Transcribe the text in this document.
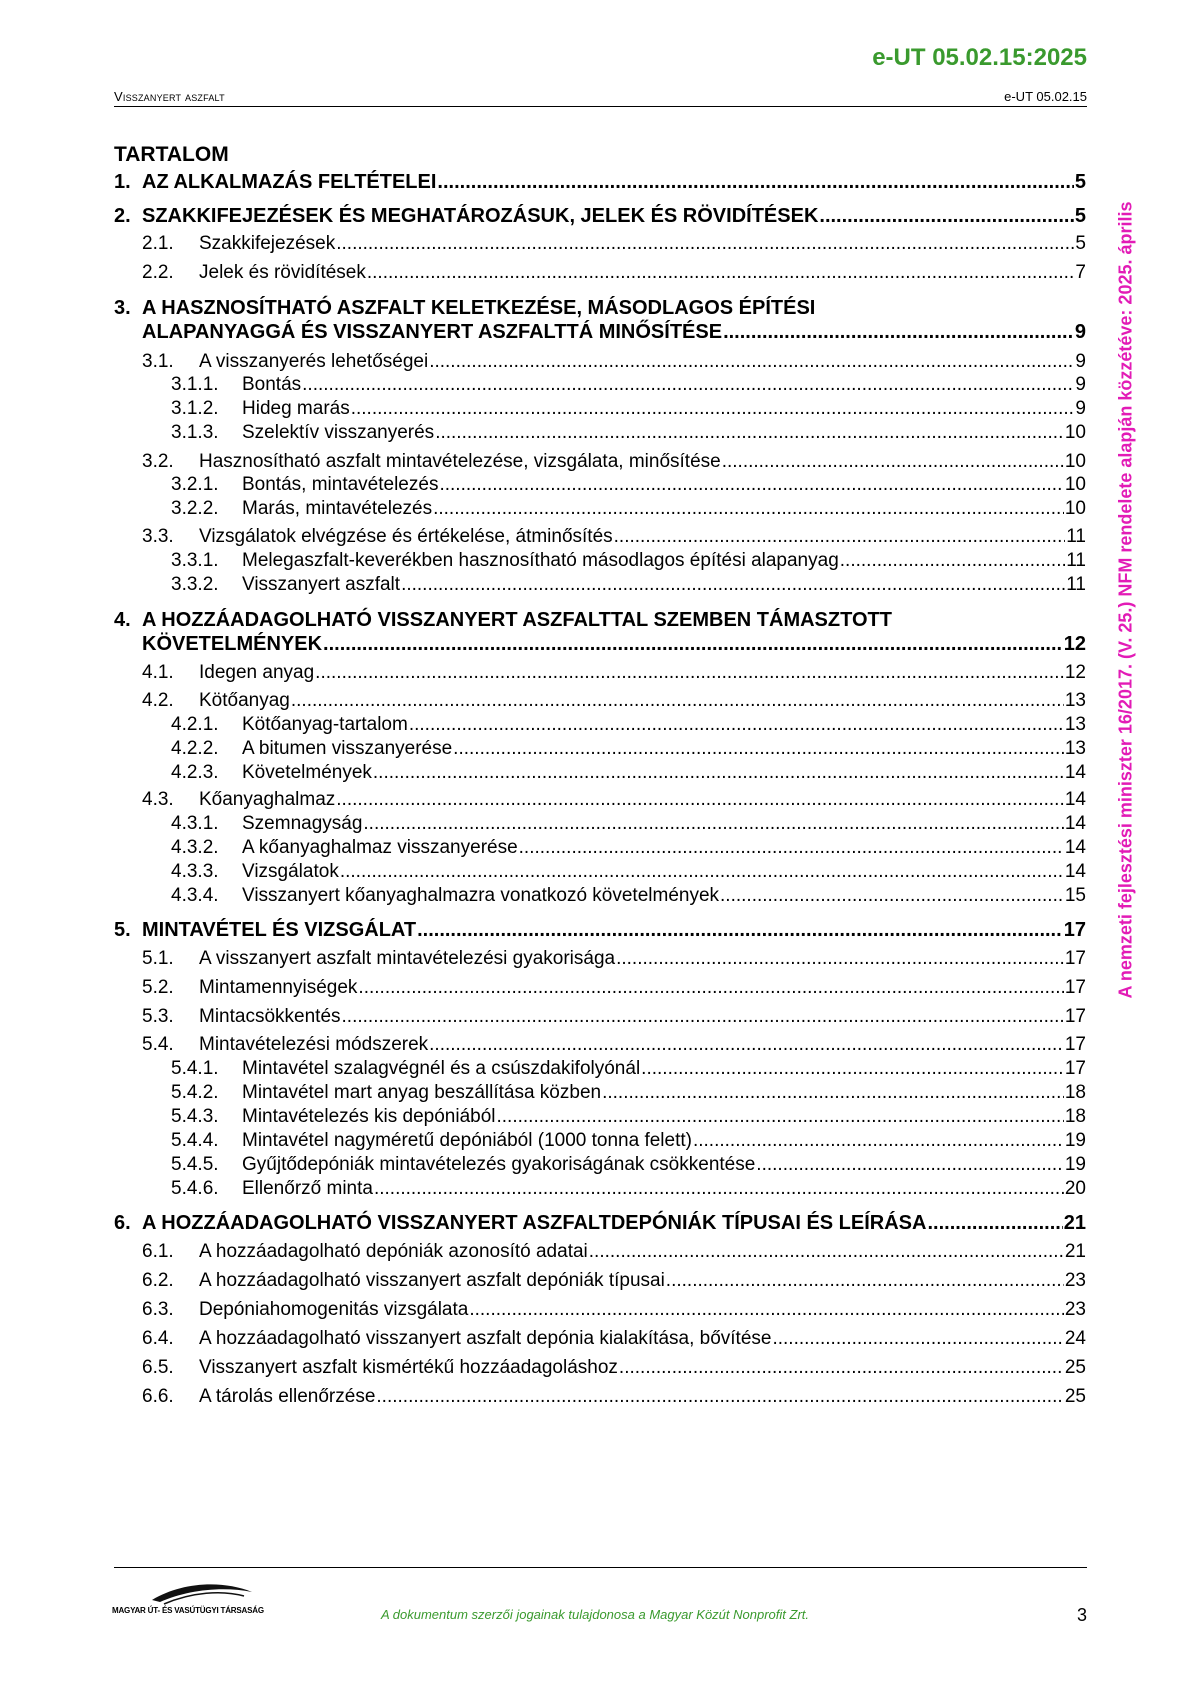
e-UT 05.02.15:2025
Visszanyert aszfalt	e-UT 05.02.15
A nemzeti fejlesztési miniszter 16/2017. (V. 25.) NFM rendelete alapján közzétéve: 2025. április
TARTALOM
1. AZ ALKALMAZÁS FELTÉTELEI .....	5
2. SZAKKIFEJEZÉSEK ÉS MEGHATÁROZÁSUK, JELEK ÉS RÖVIDÍTÉSEK .....	5
2.1.	Szakkifejezések .....	5
2.2.	Jelek és rövidítések .....	7
3. A HASZNOSÍTHATÓ ASZFALT KELETKEZÉSE, MÁSODLAGOS ÉPÍTÉSI
ALAPANYAGGÁ ÉS VISSZANYERT ASZFALTTÁ MINŐSÍTÉSE .....	9
3.1.	A visszanyerés lehetőségei .....	9
3.1.1.	Bontás .....	9
3.1.2.	Hideg marás .....	9
3.1.3.	Szelektív visszanyerés .....	10
3.2.	Hasznosítható aszfalt mintavételezése, vizsgálata, minősítése .....	10
3.2.1.	Bontás, mintavételezés .....	10
3.2.2.	Marás, mintavételezés .....	10
3.3.	Vizsgálatok elvégzése és értékelése, átminősítés .....	11
3.3.1.	Melegaszfalt-keverékben hasznosítható másodlagos építési alapanyag .....	11
3.3.2.	Visszanyert aszfalt .....	11
4. A HOZZÁADAGOLHATÓ VISSZANYERT ASZFALTTAL SZEMBEN TÁMASZTOTT
KÖVETELMÉNYEK .....	12
4.1.	Idegen anyag .....	12
4.2.	Kötőanyag .....	13
4.2.1.	Kötőanyag-tartalom .....	13
4.2.2.	A bitumen visszanyerése .....	13
4.2.3.	Követelmények .....	14
4.3.	Kőanyaghalmaz .....	14
4.3.1.	Szemnagyság .....	14
4.3.2.	A kőanyaghalmaz visszanyerése .....	14
4.3.3.	Vizsgálatok .....	14
4.3.4.	Visszanyert kőanyaghalmazra vonatkozó követelmények .....	15
5. MINTAVÉTEL ÉS VIZSGÁLAT .....	17
5.1.	A visszanyert aszfalt mintavételezési gyakorisága .....	17
5.2.	Mintamennyiségek .....	17
5.3.	Mintacsökkentés .....	17
5.4.	Mintavételezési módszerek .....	17
5.4.1.	Mintavétel szalagvégnél és a csúszdakifolyónál .....	17
5.4.2.	Mintavétel mart anyag beszállítása közben .....	18
5.4.3.	Mintavételezés kis depóniából .....	18
5.4.4.	Mintavétel nagyméretű depóniából (1000 tonna felett) .....	19
5.4.5.	Gyűjtődepóniák mintavételezés gyakoriságának csökkentése .....	19
5.4.6.	Ellenőrző minta .....	20
6. A HOZZÁADAGOLHATÓ VISSZANYERT ASZFALTDEPÓNIÁK TÍPUSAI ÉS LEÍRÁSA .....	21
6.1.	A hozzáadagolható depóniák azonosító adatai .....	21
6.2.	A hozzáadagolható visszanyert aszfalt depóniák típusai .....	23
6.3.	Depóniahomogenitás vizsgálata .....	23
6.4.	A hozzáadagolható visszanyert aszfalt depónia kialakítása, bővítése .....	24
6.5.	Visszanyert aszfalt kismértékű hozzáadagoláshoz .....	25
6.6.	A tárolás ellenőrzése .....	25
MAGYAR ÚT- ÉS VASÚTÜGYI TÁRSASÁG	A dokumentum szerzői jogainak tulajdonosa a Magyar Közút Nonprofit Zrt.	3
